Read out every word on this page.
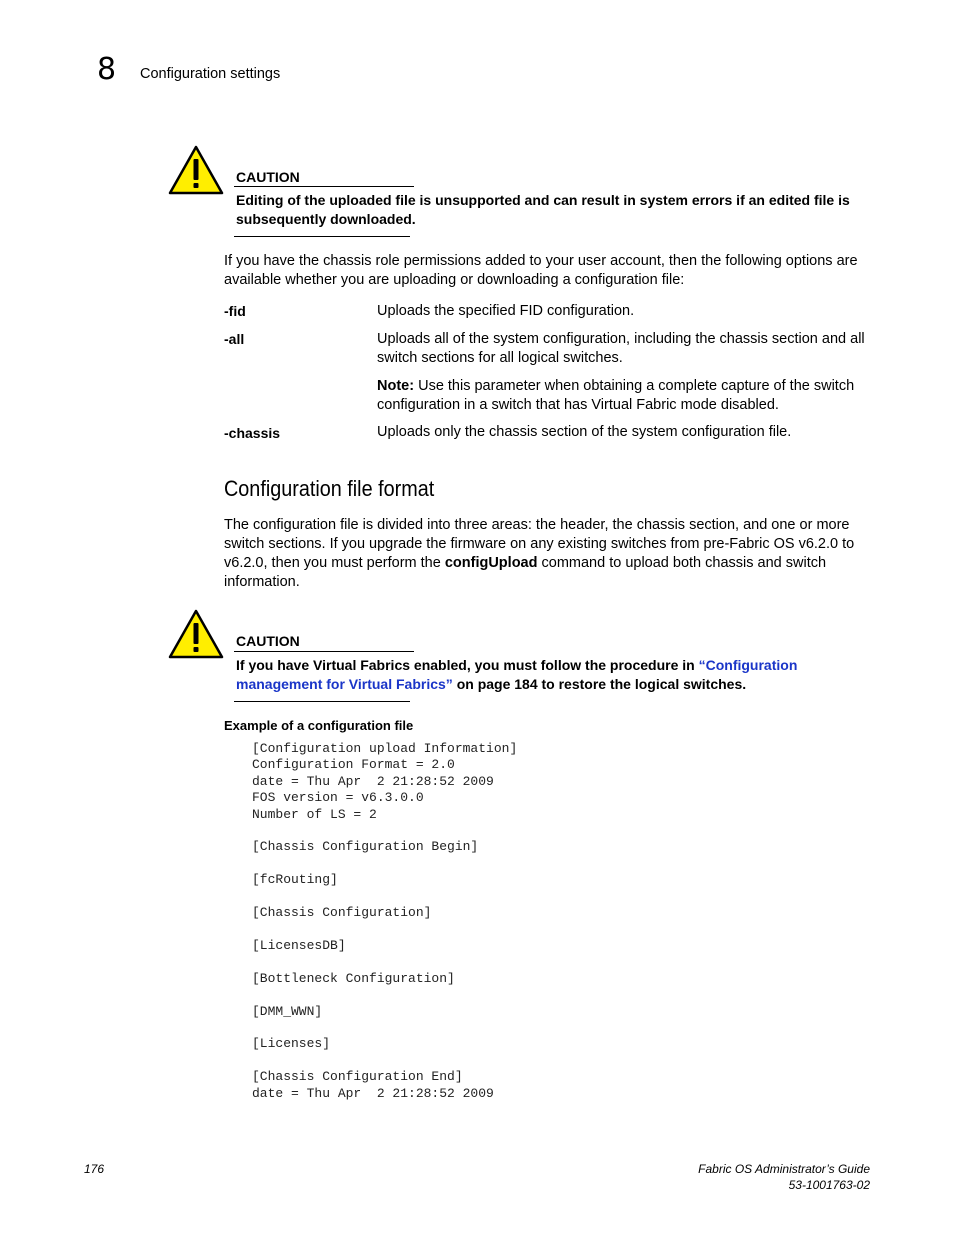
8 Configuration settings
CAUTION
Editing of the uploaded file is unsupported and can result in system errors if an edited file is subsequently downloaded.
If you have the chassis role permissions added to your user account, then the following options are available whether you are uploading or downloading a configuration file:
-fid	Uploads the specified FID configuration.
-all	Uploads all of the system configuration, including the chassis section and all switch sections for all logical switches.
Note: Use this parameter when obtaining a complete capture of the switch configuration in a switch that has Virtual Fabric mode disabled.
-chassis	Uploads only the chassis section of the system configuration file.
Configuration file format
The configuration file is divided into three areas: the header, the chassis section, and one or more switch sections. If you upgrade the firmware on any existing switches from pre-Fabric OS v6.2.0 to v6.2.0, then you must perform the configUpload command to upload both chassis and switch information.
CAUTION
If you have Virtual Fabrics enabled, you must follow the procedure in “Configuration management for Virtual Fabrics” on page 184 to restore the logical switches.
Example of a configuration file
[Configuration upload Information]
Configuration Format = 2.0
date = Thu Apr  2 21:28:52 2009
FOS version = v6.3.0.0
Number of LS = 2

[Chassis Configuration Begin]

[fcRouting]

[Chassis Configuration]

[LicensesDB]

[Bottleneck Configuration]

[DMM_WWN]

[Licenses]

[Chassis Configuration End]
date = Thu Apr  2 21:28:52 2009
176	Fabric OS Administrator’s Guide
53-1001763-02
